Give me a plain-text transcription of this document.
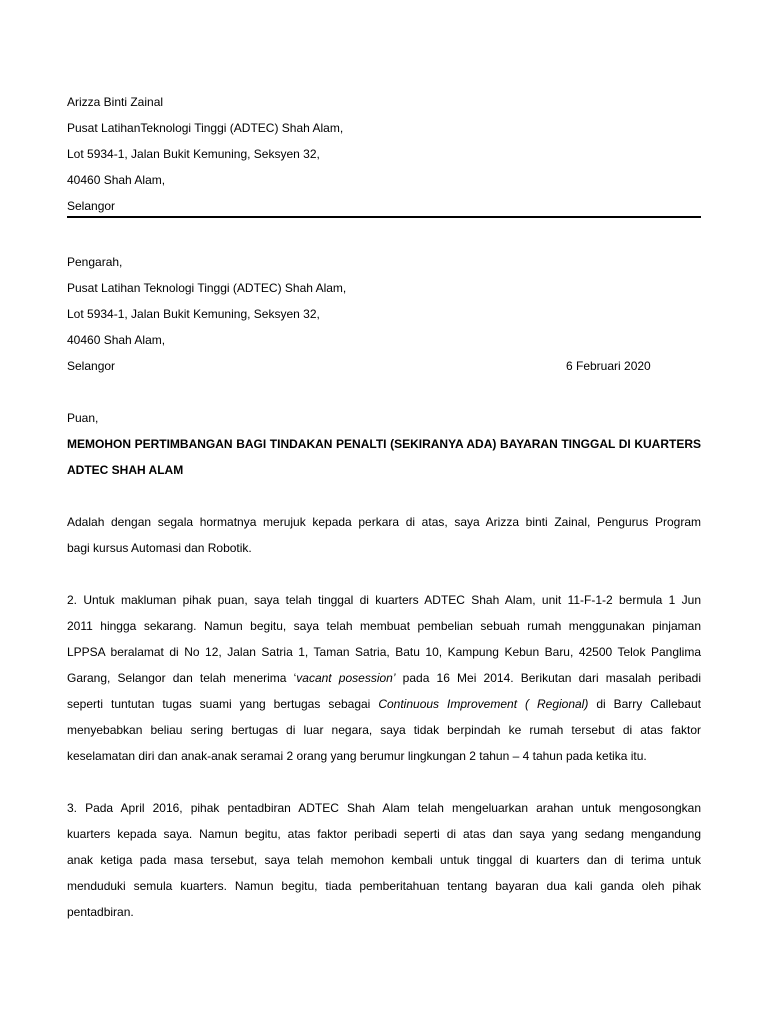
Arizza Binti Zainal
Pusat LatihanTeknologi Tinggi (ADTEC) Shah Alam,
Lot 5934-1, Jalan Bukit Kemuning, Seksyen 32,
40460 Shah Alam,
Selangor
Pengarah,
Pusat Latihan Teknologi Tinggi (ADTEC) Shah Alam,
Lot 5934-1, Jalan Bukit Kemuning, Seksyen 32,
40460 Shah Alam,
Selangor	6 Februari 2020
Puan,
MEMOHON PERTIMBANGAN BAGI TINDAKAN PENALTI (SEKIRANYA ADA) BAYARAN TINGGAL DI KUARTERS
ADTEC SHAH ALAM
Adalah dengan segala hormatnya merujuk kepada perkara di atas, saya Arizza binti Zainal, Pengurus Program
bagi kursus Automasi dan Robotik.
2. Untuk makluman pihak puan, saya telah tinggal di kuarters ADTEC Shah Alam, unit 11-F-1-2 bermula 1 Jun
2011 hingga sekarang. Namun begitu, saya telah membuat pembelian sebuah rumah menggunakan pinjaman
LPPSA beralamat di No 12, Jalan Satria 1, Taman Satria, Batu 10, Kampung Kebun Baru, 42500 Telok Panglima
Garang, Selangor dan telah menerima ‘vacant posession’ pada 16 Mei 2014. Berikutan dari masalah peribadi
seperti tuntutan tugas suami yang bertugas sebagai Continuous Improvement ( Regional) di Barry Callebaut
menyebabkan beliau sering bertugas di luar negara, saya tidak berpindah ke rumah tersebut di atas faktor
keselamatan diri dan anak-anak seramai 2 orang yang berumur lingkungan 2 tahun – 4 tahun pada ketika itu.
3. Pada April 2016, pihak pentadbiran ADTEC Shah Alam telah mengeluarkan arahan untuk mengosongkan
kuarters kepada saya. Namun begitu, atas faktor peribadi seperti di atas dan saya yang sedang mengandung
anak ketiga pada masa tersebut, saya telah memohon kembali untuk tinggal di kuarters dan di terima untuk
menduduki semula kuarters. Namun begitu, tiada pemberitahuan tentang bayaran dua kali ganda oleh pihak
pentadbiran.
